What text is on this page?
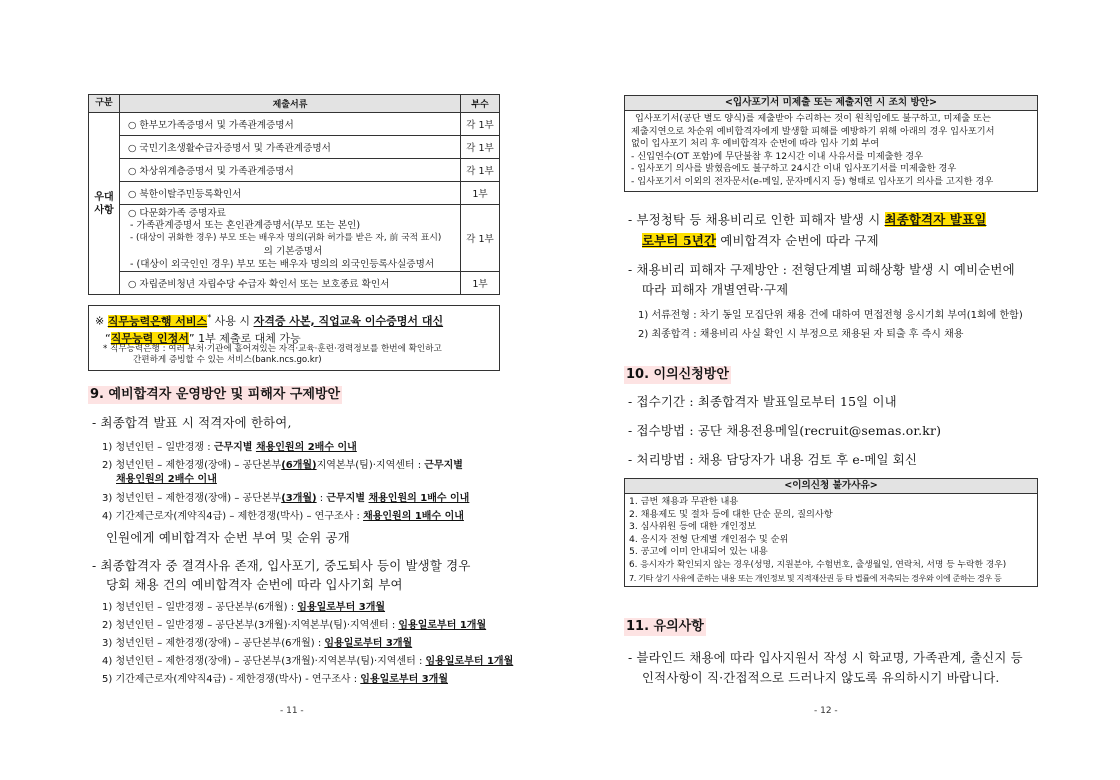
구분	제출서류	부수
우대
사항	○ 한부모가족증명서 및 가족관계증명서	각 1부
	○ 국민기초생활수급자증명서 및 가족관계증명서	각 1부
	○ 차상위계층증명서 및 가족관계증명서	각 1부
	○ 북한이탈주민등록확인서	1부

	○ 다문화가족 증명자료
- 가족관계증명서 또는 혼인관계증명서(부모 또는 본인)
- (대상이 귀화한 경우) 부모 또는 배우자 명의(귀화 허가를 받은 자, 前 국적 표시)
의 기본증명서
- (대상이 외국인인 경우) 부모 또는 배우자 명의의 외국인등록사실증명서	각 1부
	○ 자립준비청년 자립수당 수급자 확인서 또는 보호종료 확인서	1부
※ 직무능력은행 서비스* 사용 시 자격증 사본, 직업교육 이수증명서 대신
“직무능력 인정서” 1부 제출로 대체 가능
* 직무능력은행 : 여러 부처·기관에 흩어져있는 자격·교육·훈련·경력정보를 한번에 확인하고
간편하게 증빙할 수 있는 서비스(bank.ncs.go.kr)
9. 예비합격자 운영방안 및 피해자 구제방안
- 최종합격 발표 시 적격자에 한하여,
1) 청년인턴 – 일반경쟁 : 근무지별 채용인원의 2배수 이내
2) 청년인턴 – 제한경쟁(장애) – 공단본부(6개월)지역본부(팀)·지역센터 : 근무지별
채용인원의 2배수 이내
3) 청년인턴 – 제한경쟁(장애) – 공단본부(3개월) : 근무지별 채용인원의 1배수 이내
4) 기간제근로자(계약직4급) – 제한경쟁(박사) – 연구조사 : 채용인원의 1배수 이내
인원에게 예비합격자 순번 부여 및 순위 공개
- 최종합격자 중 결격사유 존재, 입사포기, 중도퇴사 등이 발생할 경우
당회 채용 건의 예비합격자 순번에 따라 입사기회 부여
1) 청년인턴 – 일반경쟁 – 공단본부(6개월) : 임용일로부터 3개월
2) 청년인턴 – 일반경쟁 – 공단본부(3개월)·지역본부(팀)·지역센터 : 임용일로부터 1개월
3) 청년인턴 – 제한경쟁(장애) – 공단본부(6개월) : 임용일로부터 3개월
4) 청년인턴 – 제한경쟁(장애) – 공단본부(3개월)·지역본부(팀)·지역센터 : 임용일로부터 1개월
5) 기간제근로자(계약직4급) - 제한경쟁(박사) - 연구조사 : 임용일로부터 3개월
- 11 -
<입사포기서 미제출 또는 제출지연 시 조치 방안>
입사포기서(공단 별도 양식)를 제출받아 수리하는 것이 원칙임에도 불구하고, 미제출 또는
제출지연으로 차순위 예비합격자에게 발생할 피해를 예방하기 위해 아래의 경우 입사포기서
없이 입사포기 처리 후 예비합격자 순번에 따라 입사 기회 부여
- 신입연수(OT 포함)에 무단불참 후 12시간 이내 사유서를 미제출한 경우
- 입사포기 의사를 밝혔음에도 불구하고 24시간 이내 입사포기서를 미제출한 경우
- 입사포기서 이외의 전자문서(e-메일, 문자메시지 등) 형태로 입사포기 의사를 고지한 경우
- 부정청탁 등 채용비리로 인한 피해자 발생 시 최종합격자 발표일
로부터 5년간 예비합격자 순번에 따라 구제
- 채용비리 피해자 구제방안 : 전형단계별 피해상황 발생 시 예비순번에
따라 피해자 개별연락·구제
1) 서류전형 : 차기 동일 모집단위 채용 건에 대하여 면접전형 응시기회 부여(1회에 한함)
2) 최종합격 : 채용비리 사실 확인 시 부정으로 채용된 자 퇴출 후 즉시 채용
10. 이의신청방안
- 접수기간 : 최종합격자 발표일로부터 15일 이내
- 접수방법 : 공단 채용전용메일(recruit@semas.or.kr)
- 처리방법 : 채용 담당자가 내용 검토 후 e-메일 회신
<이의신청 불가사유>
1. 금번 채용과 무관한 내용
2. 채용제도 및 절차 등에 대한 단순 문의, 질의사항
3. 심사위원 등에 대한 개인정보
4. 응시자 전형 단계별 개인점수 및 순위
5. 공고에 이미 안내되어 있는 내용
6. 응시자가 확인되지 않는 경우(성명, 지원분야, 수험번호, 출생월일, 연락처, 서명 등 누락한 경우)
7. 기타 상기 사유에 준하는 내용 또는 개인정보 및 지적재산권 등 타 법률에 저촉되는 경우와 이에 준하는 경우 등
11. 유의사항
- 블라인드 채용에 따라 입사지원서 작성 시 학교명, 가족관계, 출신지 등
인적사항이 직·간접적으로 드러나지 않도록 유의하시기 바랍니다.
- 12 -
